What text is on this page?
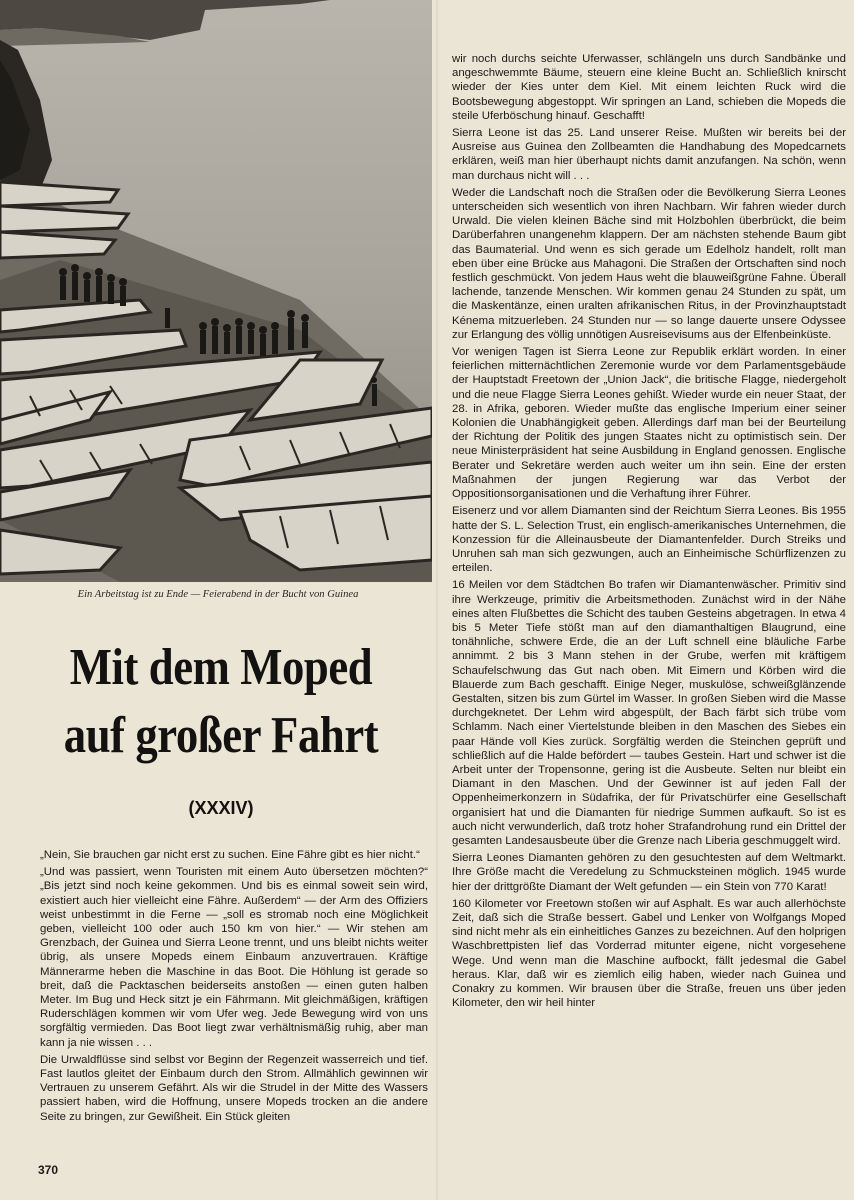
Ein Arbeitstag ist zu Ende — Feierabend in der Bucht von Guinea
Mit dem Moped
auf großer Fahrt
(XXXIV)

„Nein, Sie brauchen gar nicht erst zu suchen. Eine Fähre gibt es hier nicht.“

„Und was passiert, wenn Touristen mit einem Auto übersetzen möchten?“ „Bis jetzt sind noch keine gekommen. Und bis es einmal soweit sein wird, existiert auch hier vielleicht eine Fähre. Außerdem“ — der Arm des Offiziers weist unbestimmt in die Ferne — „soll es stromab noch eine Möglichkeit geben, vielleicht 100 oder auch 150 km von hier.“ — Wir stehen am Grenzbach, der Guinea und Sierra Leone trennt, und uns bleibt nichts weiter übrig, als unsere Mopeds einem Einbaum anzuvertrauen. Kräftige Männerarme heben die Maschine in das Boot. Die Höhlung ist gerade so breit, daß die Packtaschen beiderseits anstoßen — einen guten halben Meter. Im Bug und Heck sitzt je ein Fährmann. Mit gleichmäßigen, kräftigen Ruderschlägen kommen wir vom Ufer weg. Jede Bewegung wird von uns sorgfältig vermieden. Das Boot liegt zwar verhältnismäßig ruhig, aber man kann ja nie wissen . . .

Die Urwaldflüsse sind selbst vor Beginn der Regenzeit wasserreich und tief. Fast lautlos gleitet der Einbaum durch den Strom. Allmählich gewinnen wir Vertrauen zu unserem Gefährt. Als wir die Strudel in der Mitte des Wassers passiert haben, wird die Hoffnung, unsere Mopeds trocken an die andere Seite zu bringen, zur Gewißheit. Ein Stück gleiten

wir noch durchs seichte Uferwasser, schlängeln uns durch Sandbänke und angeschwemmte Bäume, steuern eine kleine Bucht an. Schließlich knirscht wieder der Kies unter dem Kiel. Mit einem leichten Ruck wird die Bootsbewegung abgestoppt. Wir springen an Land, schieben die Mopeds die steile Uferböschung hinauf. Geschafft!

Sierra Leone ist das 25. Land unserer Reise. Mußten wir bereits bei der Ausreise aus Guinea den Zollbeamten die Handhabung des Mopedcarnets erklären, weiß man hier überhaupt nichts damit anzufangen. Na schön, wenn man durchaus nicht will . . .

Weder die Landschaft noch die Straßen oder die Bevölkerung Sierra Leones unterscheiden sich wesentlich von ihren Nachbarn. Wir fahren wieder durch Urwald. Die vielen kleinen Bäche sind mit Holzbohlen überbrückt, die beim Darüberfahren unangenehm klappern. Der am nächsten stehende Baum gibt das Baumaterial. Und wenn es sich gerade um Edelholz handelt, rollt man eben über eine Brücke aus Mahagoni. Die Straßen der Ortschaften sind noch festlich geschmückt. Von jedem Haus weht die blauweißgrüne Fahne. Überall lachende, tanzende Menschen. Wir kommen genau 24 Stunden zu spät, um die Maskentänze, einen uralten afrikanischen Ritus, in der Provinzhauptstadt Kénema mitzuerleben. 24 Stunden nur — so lange dauerte unsere Odyssee zur Erlangung des völlig unnötigen Ausreisevisums aus der Elfenbeinküste.

Vor wenigen Tagen ist Sierra Leone zur Republik erklärt worden. In einer feierlichen mitternächtlichen Zeremonie wurde vor dem Parlamentsgebäude der Hauptstadt Freetown der „Union Jack“, die britische Flagge, niedergeholt und die neue Flagge Sierra Leones gehißt. Wieder wurde ein neuer Staat, der 28. in Afrika, geboren. Wieder mußte das englische Imperium einer seiner Kolonien die Unabhängigkeit geben. Allerdings darf man bei der Beurteilung der Richtung der Politik des jungen Staates nicht zu optimistisch sein. Der neue Ministerpräsident hat seine Ausbildung in England genossen. Englische Berater und Sekretäre werden auch weiter um ihn sein. Eine der ersten Maßnahmen der jungen Regierung war das Verbot der Oppositionsorganisationen und die Verhaftung ihrer Führer.

Eisenerz und vor allem Diamanten sind der Reichtum Sierra Leones. Bis 1955 hatte der S. L. Selection Trust, ein englisch-amerikanisches Unternehmen, die Konzession für die Alleinausbeute der Diamantenfelder. Durch Streiks und Unruhen sah man sich gezwungen, auch an Einheimische Schürflizenzen zu erteilen.

16 Meilen vor dem Städtchen Bo trafen wir Diamantenwäscher. Primitiv sind ihre Werkzeuge, primitiv die Arbeitsmethoden. Zunächst wird in der Nähe eines alten Flußbettes die Schicht des tauben Gesteins abgetragen. In etwa 4 bis 5 Meter Tiefe stößt man auf den diamanthaltigen Blaugrund, eine tonähnliche, schwere Erde, die an der Luft schnell eine bläuliche Farbe annimmt. 2 bis 3 Mann stehen in der Grube, werfen mit kräftigem Schaufelschwung das Gut nach oben. Mit Eimern und Körben wird die Blauerde zum Bach geschafft. Einige Neger, muskulöse, schweißglänzende Gestalten, sitzen bis zum Gürtel im Wasser. In großen Sieben wird die Masse durchgeknetet. Der Lehm wird abgespült, der Bach färbt sich trübe vom Schlamm. Nach einer Viertelstunde bleiben in den Maschen des Siebes ein paar Hände voll Kies zurück. Sorgfältig werden die Steinchen geprüft und schließlich auf die Halde befördert — taubes Gestein. Hart und schwer ist die Arbeit unter der Tropensonne, gering ist die Ausbeute. Selten nur bleibt ein Diamant in den Maschen. Und der Gewinner ist auf jeden Fall der Oppenheimerkonzern in Südafrika, der für Privatschürfer eine Gesellschaft organisiert hat und die Diamanten für niedrige Summen aufkauft. So ist es auch nicht verwunderlich, daß trotz hoher Strafandrohung rund ein Drittel der gesamten Landesausbeute über die Grenze nach Liberia geschmuggelt wird.

Sierra Leones Diamanten gehören zu den gesuchtesten auf dem Weltmarkt. Ihre Größe macht die Veredelung zu Schmucksteinen möglich. 1945 wurde hier der drittgrößte Diamant der Welt gefunden — ein Stein von 770 Karat!

160 Kilometer vor Freetown stoßen wir auf Asphalt. Es war auch allerhöchste Zeit, daß sich die Straße bessert. Gabel und Lenker von Wolfgangs Moped sind nicht mehr als ein einheitliches Ganzes zu bezeichnen. Auf den holprigen Waschbrettpisten lief das Vorderrad mitunter eigene, nicht vorgesehene Wege. Und wenn man die Maschine aufbockt, fällt jedesmal die Gabel heraus. Klar, daß wir es ziemlich eilig haben, wieder nach Guinea und Conakry zu kommen. Wir brausen über die Straße, freuen uns über jeden Kilometer, den wir heil hinter

370
